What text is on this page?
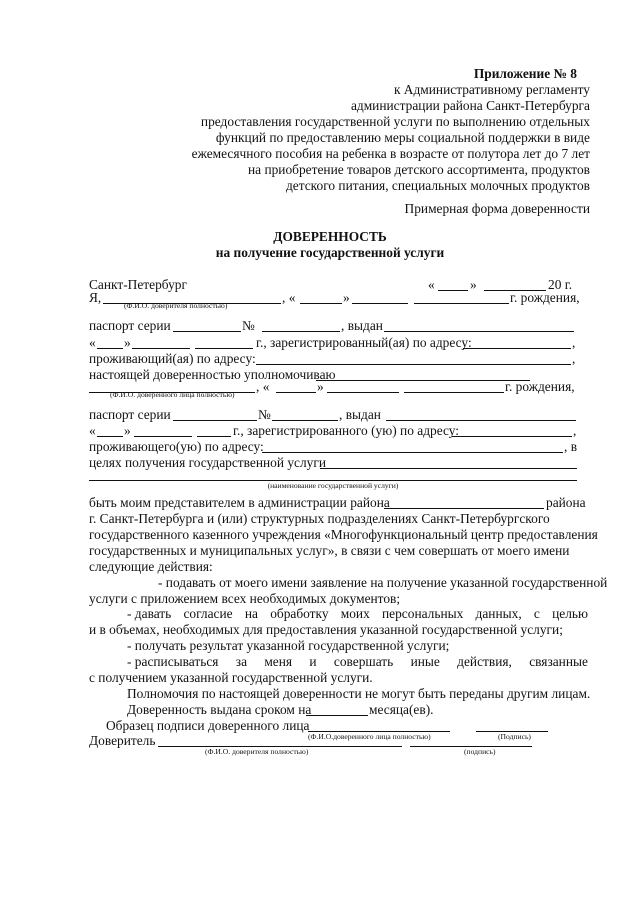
Приложение № 8
к Административному регламенту
администрации района Санкт-Петербурга
предоставления государственной услуги по выполнению отдельных
функций по предоставлению меры социальной поддержки в виде
ежемесячного пособия на ребенка в возрасте от полутора лет до 7 лет
на приобретение товаров детского ассортимента, продуктов
детского питания, специальных молочных продуктов
Примерная форма доверенности
ДОВЕРЕННОСТЬ
на получение государственной услуги
Санкт-Петербург	«	»	20 г.
Я,
(Ф.И.О. доверителя полностью)
, «	»	г. рождения,
паспорт серии	№	, выдан
« »	г., зарегистрированный(ая) по адресу:	,
проживающий(ая) по адресу:	,
настоящей доверенностью уполномочиваю
(Ф.И.О. доверенного лица полностью)
, «	»	г. рождения,
паспорт серии	№	, выдан
« »	г., зарегистрированного (ую) по адресу:	,
проживающего(ую) по адресу:	, в
целях получения государственной услуги
(наименование государственной услуги)
быть моим представителем в администрации района	района
г. Санкт-Петербурга и (или) структурных подразделениях Санкт-Петербургского
государственного казенного учреждения «Многофункциональный центр предоставления
государственных и муниципальных услуг», в связи с чем совершать от моего имени
следующие действия:
- подавать от моего имени заявление на получение указанной государственной
услуги с приложением всех необходимых документов;
- давать согласие на обработку моих персональных данных, с целью
и в объемах, необходимых для предоставления указанной государственной услуги;
- получать результат указанной государственной услуги;
- расписываться за меня и совершать иные действия, связанные
с получением указанной государственной услуги.
Полномочия по настоящей доверенности не могут быть переданы другим лицам.
Доверенность выдана сроком на	месяца(ев).
Образец подписи доверенного лица
(Ф.И.О.доверенного лица полностью)	(Подпись)
Доверитель
(Ф.И.О. доверителя полностью)	(подпись)
